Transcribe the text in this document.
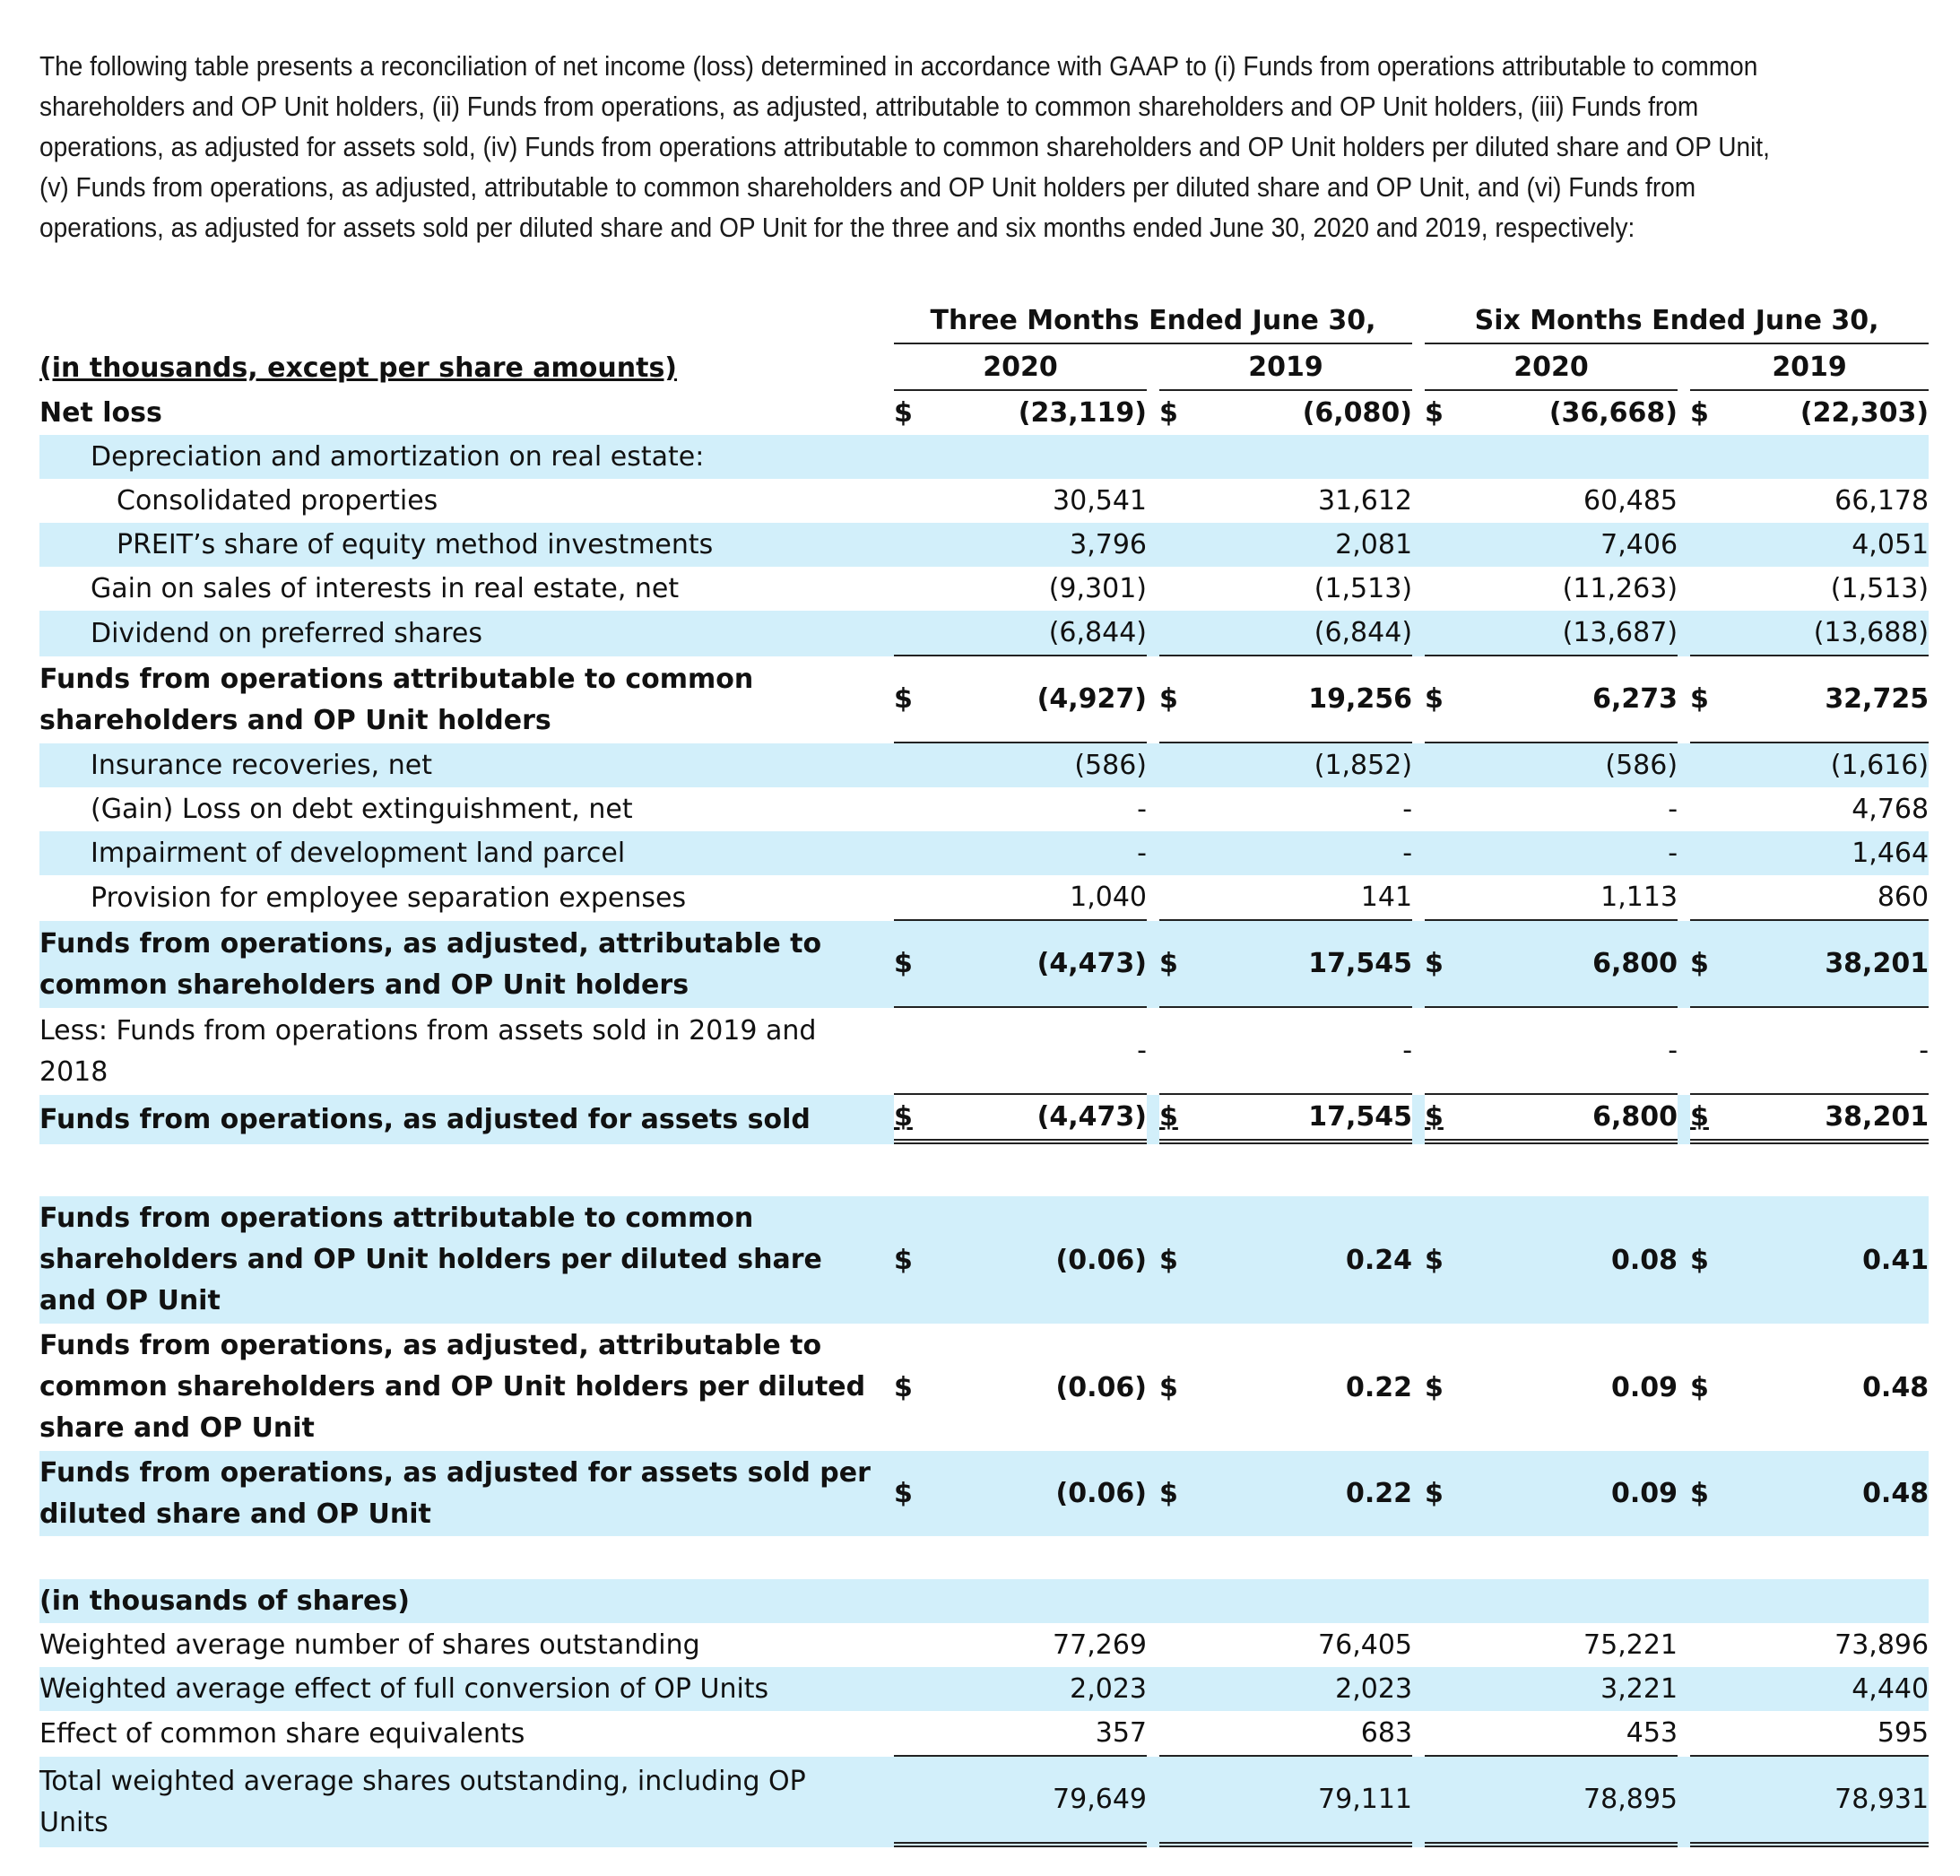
The following table presents a reconciliation of net income (loss) determined in accordance with GAAP to (i) Funds from operations attributable to common shareholders and OP Unit holders, (ii) Funds from operations, as adjusted, attributable to common shareholders and OP Unit holders, (iii) Funds from operations, as adjusted for assets sold, (iv) Funds from operations attributable to common shareholders and OP Unit holders per diluted share and OP Unit, (v) Funds from operations, as adjusted, attributable to common shareholders and OP Unit holders per diluted share and OP Unit, and (vi) Funds from operations, as adjusted for assets sold per diluted share and OP Unit for the three and six months ended June 30, 2020 and 2019, respectively:
		Three Months Ended June 30,						Six Months Ended June 30,				
(in thousands, except per share amounts)		2020			2019			2020			2019	
Net loss		$	(23,119)		$	(6,080)		$	(36,668)		$	(22,303)
Depreciation and amortization on real estate:												
Consolidated properties			30,541			31,612			60,485			66,178
PREIT’s share of equity method investments			3,796			2,081			7,406			4,051
Gain on sales of interests in real estate, net			(9,301)			(1,513)			(11,263)			(1,513)
Dividend on preferred shares			(6,844)			(6,844)			(13,687)			(13,688)
Funds from operations attributable to common shareholders and OP Unit holders		$	(4,927)		$	19,256		$	6,273		$	32,725
Insurance recoveries, net			(586)			(1,852)			(586)			(1,616)
(Gain) Loss on debt extinguishment, net			-			-			-			4,768
Impairment of development land parcel			-			-			-			1,464
Provision for employee separation expenses			1,040			141			1,113			860
Funds from operations, as adjusted, attributable to common shareholders and OP Unit holders		$	(4,473)		$	17,545		$	6,800		$	38,201
Less: Funds from operations from assets sold in 2019 and 2018			-			-			-			-
Funds from operations, as adjusted for assets sold		$	(4,473)		$	17,545		$	6,800		$	38,201

Funds from operations attributable to common shareholders and OP Unit holders per diluted share and OP Unit		$	(0.06)		$	0.24		$	0.08		$	0.41
Funds from operations, as adjusted, attributable to common shareholders and OP Unit holders per diluted share and OP Unit		$	(0.06)		$	0.22		$	0.09		$	0.48
Funds from operations, as adjusted for assets sold per diluted share and OP Unit		$	(0.06)		$	0.22		$	0.09		$	0.48

(in thousands of shares)												
Weighted average number of shares outstanding			77,269			76,405			75,221			73,896
Weighted average effect of full conversion of OP Units			2,023			2,023			3,221			4,440
Effect of common share equivalents			357			683			453			595
Total weighted average shares outstanding, including OP Units			79,649			79,111			78,895			78,931
